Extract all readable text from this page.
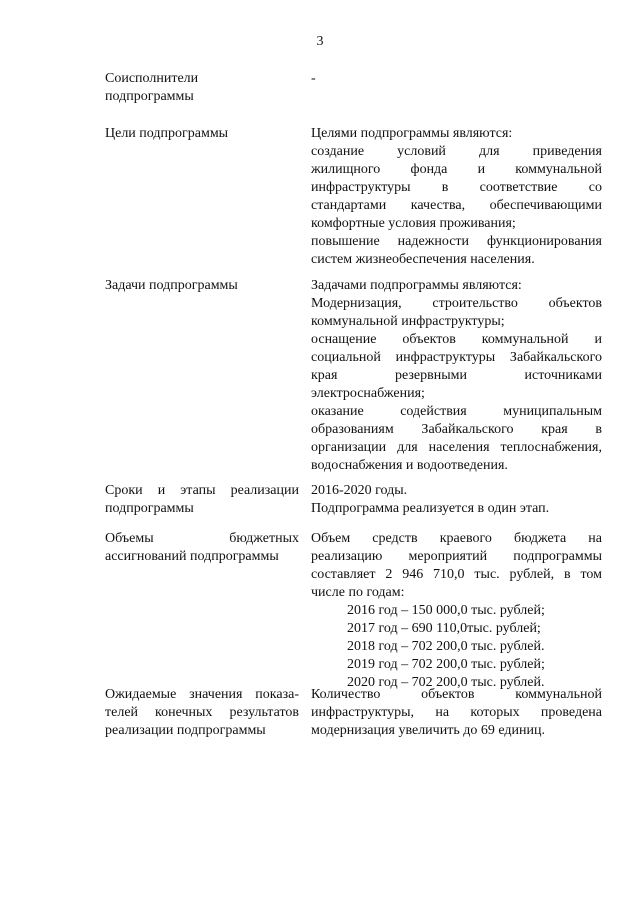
3
Соисполнители
подпрограммы
-
Цели подпрограммы	Целями подпрограммы являются:
создание условий для приведения
жилищного фонда и коммунальной
инфраструктуры в соответствие со
стандартами качества, обеспечивающими
комфортные условия проживания;
повышение надежности функционирования
систем жизнеобеспечения населения.
Задачи подпрограммы	Задачами подпрограммы являются:
Модернизация, строительство объектов
коммунальной инфраструктуры;
оснащение объектов коммунальной и
социальной инфраструктуры Забайкальского
края резервными источниками
электроснабжения;
оказание содействия муниципальным
образованиям Забайкальского края в
организации для населения теплоснабжения,
водоснабжения и водоотведения.
Сроки и этапы реализации
подпрограммы
2016-2020 годы.
Подпрограмма реализуется в один этап.
Объемы бюджетных
ассигнований подпрограммы
Объем средств краевого бюджета на
реализацию мероприятий подпрограммы
составляет 2 946 710,0 тыс. рублей, в том
числе по годам:
2016 год – 150 000,0 тыс. рублей;
2017 год – 690 110,0тыс. рублей;
2018 год – 702 200,0 тыс. рублей.
2019 год – 702 200,0 тыс. рублей;
2020 год – 702 200,0 тыс. рублей.
Ожидаемые значения показа-
телей конечных результатов
реализации подпрограммы
Количество объектов коммунальной
инфраструктуры, на которых проведена
модернизация увеличить до 69 единиц.
